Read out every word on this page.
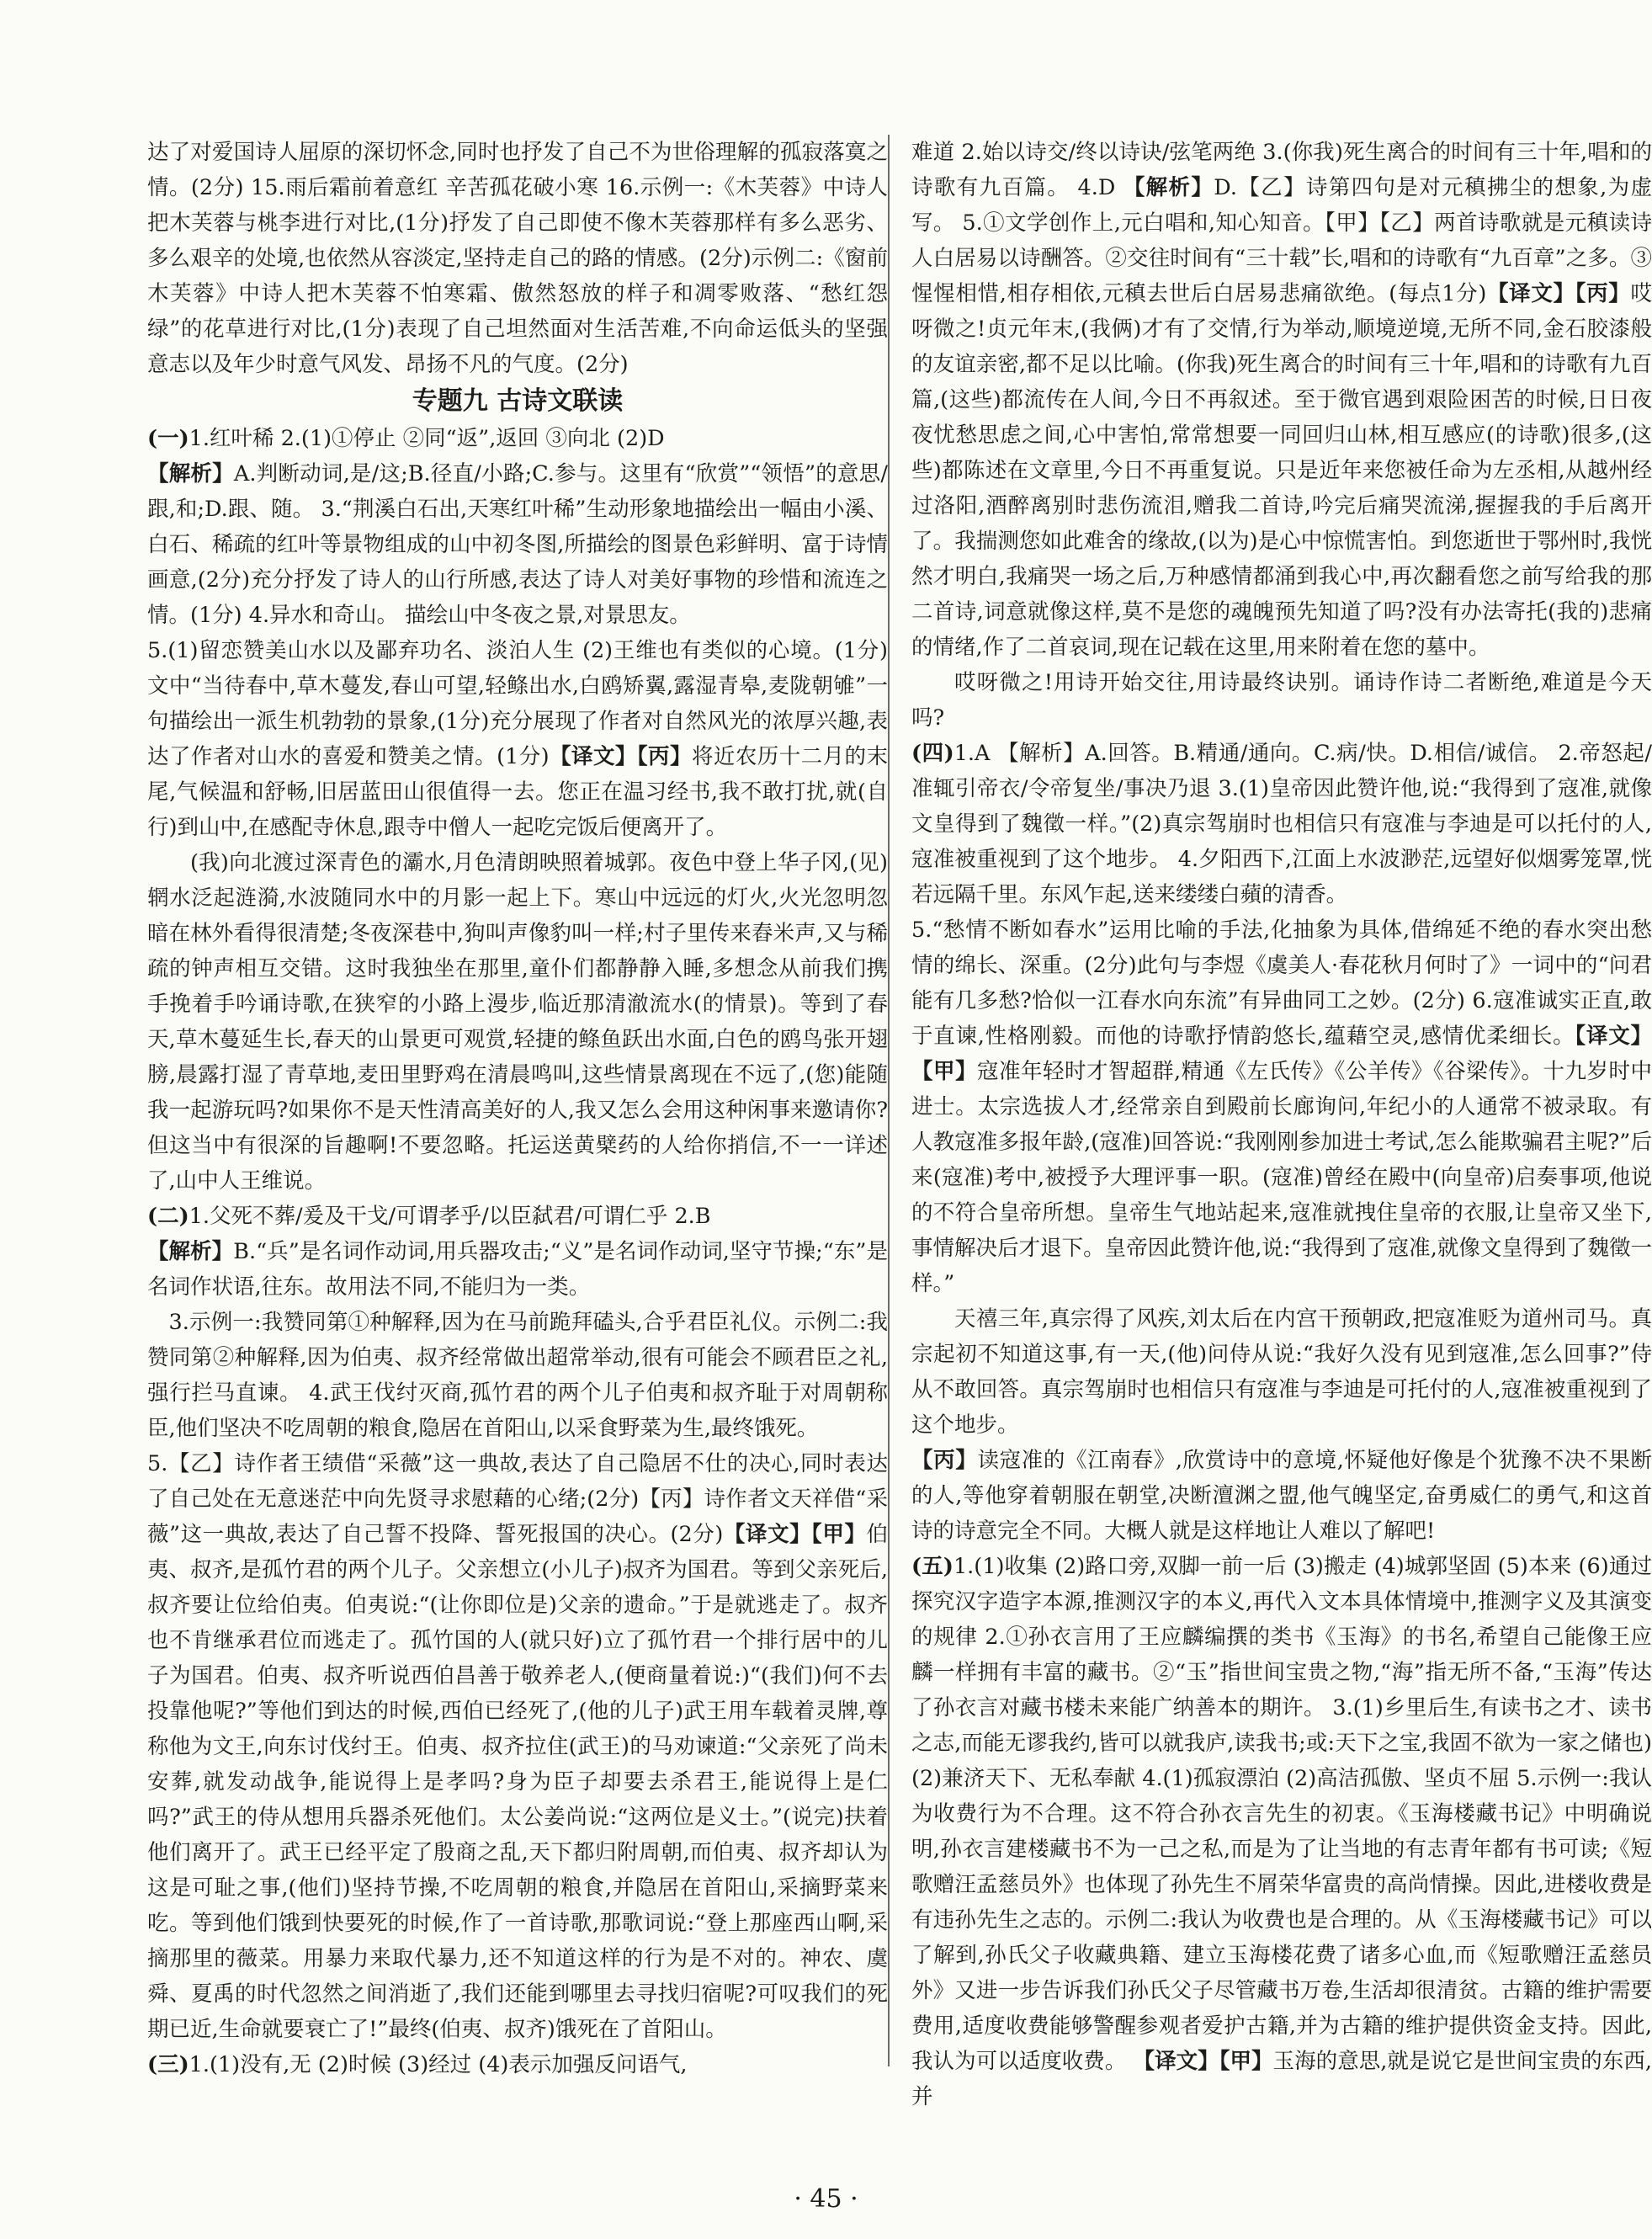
达了对爱国诗人屈原的深切怀念,同时也抒发了自己不为世俗理解的孤寂落寞之情。(2分) 15.雨后霜前着意红 辛苦孤花破小寒 16.示例一:《木芙蓉》中诗人把木芙蓉与桃李进行对比,(1分)抒发了自己即使不像木芙蓉那样有多么恶劣、多么艰辛的处境,也依然从容淡定,坚持走自己的路的情感。(2分)示例二:《窗前木芙蓉》中诗人把木芙蓉不怕寒霜、傲然怒放的样子和凋零败落、“愁红怨绿”的花草进行对比,(1分)表现了自己坦然面对生活苦难,不向命运低头的坚强意志以及年少时意气风发、昂扬不凡的气度。(2分)

专题九 古诗文联读

(一)1.红叶稀 2.(1)①停止 ②同“返”,返回 ③向北 (2)D

【解析】A.判断动词,是/这;B.径直/小路;C.参与。这里有“欣赏”“领悟”的意思/跟,和;D.跟、随。 3.“荆溪白石出,天寒红叶稀”生动形象地描绘出一幅由小溪、白石、稀疏的红叶等景物组成的山中初冬图,所描绘的图景色彩鲜明、富于诗情画意,(2分)充分抒发了诗人的山行所感,表达了诗人对美好事物的珍惜和流连之情。(1分) 4.异水和奇山。 描绘山中冬夜之景,对景思友。

5.(1)留恋赞美山水以及鄙弃功名、淡泊人生 (2)王维也有类似的心境。(1分)文中“当待春中,草木蔓发,春山可望,轻鲦出水,白鸥矫翼,露湿青皋,麦陇朝雊”一句描绘出一派生机勃勃的景象,(1分)充分展现了作者对自然风光的浓厚兴趣,表达了作者对山水的喜爱和赞美之情。(1分)【译文】【丙】将近农历十二月的末尾,气候温和舒畅,旧居蓝田山很值得一去。您正在温习经书,我不敢打扰,就(自行)到山中,在感配寺休息,跟寺中僧人一起吃完饭后便离开了。

(我)向北渡过深青色的灞水,月色清朗映照着城郭。夜色中登上华子冈,(见)辋水泛起涟漪,水波随同水中的月影一起上下。寒山中远远的灯火,火光忽明忽暗在林外看得很清楚;冬夜深巷中,狗叫声像豹叫一样;村子里传来舂米声,又与稀疏的钟声相互交错。这时我独坐在那里,童仆们都静静入睡,多想念从前我们携手挽着手吟诵诗歌,在狭窄的小路上漫步,临近那清澈流水(的情景)。等到了春天,草木蔓延生长,春天的山景更可观赏,轻捷的鲦鱼跃出水面,白色的鸥鸟张开翅膀,晨露打湿了青草地,麦田里野鸡在清晨鸣叫,这些情景离现在不远了,(您)能随我一起游玩吗?如果你不是天性清高美好的人,我又怎么会用这种闲事来邀请你?但这当中有很深的旨趣啊!不要忽略。托运送黄檗药的人给你捎信,不一一详述了,山中人王维说。

(二)1.父死不葬/爰及干戈/可谓孝乎/以臣弑君/可谓仁乎 2.B

【解析】B.“兵”是名词作动词,用兵器攻击;“义”是名词作动词,坚守节操;“东”是名词作状语,往东。故用法不同,不能归为一类。

3.示例一:我赞同第①种解释,因为在马前跪拜磕头,合乎君臣礼仪。示例二:我赞同第②种解释,因为伯夷、叔齐经常做出超常举动,很有可能会不顾君臣之礼,强行拦马直谏。 4.武王伐纣灭商,孤竹君的两个儿子伯夷和叔齐耻于对周朝称臣,他们坚决不吃周朝的粮食,隐居在首阳山,以采食野菜为生,最终饿死。

5.【乙】诗作者王绩借“采薇”这一典故,表达了自己隐居不仕的决心,同时表达了自己处在无意迷茫中向先贤寻求慰藉的心绪;(2分)【丙】诗作者文天祥借“采薇”这一典故,表达了自己誓不投降、誓死报国的决心。(2分)【译文】【甲】伯夷、叔齐,是孤竹君的两个儿子。父亲想立(小儿子)叔齐为国君。等到父亲死后,叔齐要让位给伯夷。伯夷说:“(让你即位是)父亲的遗命。”于是就逃走了。叔齐也不肯继承君位而逃走了。孤竹国的人(就只好)立了孤竹君一个排行居中的儿子为国君。伯夷、叔齐听说西伯昌善于敬养老人,(便商量着说:)“(我们)何不去投靠他呢?”等他们到达的时候,西伯已经死了,(他的儿子)武王用车载着灵牌,尊称他为文王,向东讨伐纣王。伯夷、叔齐拉住(武王)的马劝谏道:“父亲死了尚未安葬,就发动战争,能说得上是孝吗?身为臣子却要去杀君王,能说得上是仁吗?”武王的侍从想用兵器杀死他们。太公姜尚说:“这两位是义士。”(说完)扶着他们离开了。武王已经平定了殷商之乱,天下都归附周朝,而伯夷、叔齐却认为这是可耻之事,(他们)坚持节操,不吃周朝的粮食,并隐居在首阳山,采摘野菜来吃。等到他们饿到快要死的时候,作了一首诗歌,那歌词说:“登上那座西山啊,采摘那里的薇菜。用暴力来取代暴力,还不知道这样的行为是不对的。神农、虞舜、夏禹的时代忽然之间消逝了,我们还能到哪里去寻找归宿呢?可叹我们的死期已近,生命就要衰亡了!”最终(伯夷、叔齐)饿死在了首阳山。

(三)1.(1)没有,无 (2)时候 (3)经过 (4)表示加强反问语气,

难道 2.始以诗交/终以诗诀/弦笔两绝 3.(你我)死生离合的时间有三十年,唱和的诗歌有九百篇。 4.D 【解析】D.【乙】诗第四句是对元稹拂尘的想象,为虚写。 5.①文学创作上,元白唱和,知心知音。【甲】【乙】两首诗歌就是元稹读诗人白居易以诗酬答。②交往时间有“三十载”长,唱和的诗歌有“九百章”之多。③惺惺相惜,相存相依,元稹去世后白居易悲痛欲绝。(每点1分)【译文】【丙】哎呀微之!贞元年末,(我俩)才有了交情,行为举动,顺境逆境,无所不同,金石胶漆般的友谊亲密,都不足以比喻。(你我)死生离合的时间有三十年,唱和的诗歌有九百篇,(这些)都流传在人间,今日不再叙述。至于微官遇到艰险困苦的时候,日日夜夜忧愁思虑之间,心中害怕,常常想要一同回归山林,相互感应(的诗歌)很多,(这些)都陈述在文章里,今日不再重复说。只是近年来您被任命为左丞相,从越州经过洛阳,酒醉离别时悲伤流泪,赠我二首诗,吟完后痛哭流涕,握握我的手后离开了。我揣测您如此难舍的缘故,(以为)是心中惊慌害怕。到您逝世于鄂州时,我恍然才明白,我痛哭一场之后,万种感情都涌到我心中,再次翻看您之前写给我的那二首诗,词意就像这样,莫不是您的魂魄预先知道了吗?没有办法寄托(我的)悲痛的情绪,作了二首哀词,现在记载在这里,用来附着在您的墓中。

哎呀微之!用诗开始交往,用诗最终诀别。诵诗作诗二者断绝,难道是今天吗?

(四)1.A 【解析】A.回答。B.精通/通向。C.病/快。D.相信/诚信。 2.帝怒起/准辄引帝衣/令帝复坐/事决乃退 3.(1)皇帝因此赞许他,说:“我得到了寇准,就像文皇得到了魏徵一样。”(2)真宗驾崩时也相信只有寇准与李迪是可以托付的人,寇准被重视到了这个地步。 4.夕阳西下,江面上水波渺茫,远望好似烟雾笼罩,恍若远隔千里。东风乍起,送来缕缕白蘋的清香。

5.“愁情不断如春水”运用比喻的手法,化抽象为具体,借绵延不绝的春水突出愁情的绵长、深重。(2分)此句与李煜《虞美人·春花秋月何时了》一词中的“问君能有几多愁?恰似一江春水向东流”有异曲同工之妙。(2分) 6.寇准诚实正直,敢于直谏,性格刚毅。而他的诗歌抒情韵悠长,蕴藉空灵,感情优柔细长。【译文】【甲】寇准年轻时才智超群,精通《左氏传》《公羊传》《谷梁传》。十九岁时中进士。太宗选拔人才,经常亲自到殿前长廊询问,年纪小的人通常不被录取。有人教寇准多报年龄,(寇准)回答说:“我刚刚参加进士考试,怎么能欺骗君主呢?”后来(寇准)考中,被授予大理评事一职。(寇准)曾经在殿中(向皇帝)启奏事项,他说的不符合皇帝所想。皇帝生气地站起来,寇准就拽住皇帝的衣服,让皇帝又坐下,事情解决后才退下。皇帝因此赞许他,说:“我得到了寇准,就像文皇得到了魏徵一样。”

天禧三年,真宗得了风疾,刘太后在内宫干预朝政,把寇准贬为道州司马。真宗起初不知道这事,有一天,(他)问侍从说:“我好久没有见到寇准,怎么回事?”侍从不敢回答。真宗驾崩时也相信只有寇准与李迪是可托付的人,寇准被重视到了这个地步。

【丙】读寇准的《江南春》,欣赏诗中的意境,怀疑他好像是个犹豫不决不果断的人,等他穿着朝服在朝堂,决断澶渊之盟,他气魄坚定,奋勇威仁的勇气,和这首诗的诗意完全不同。大概人就是这样地让人难以了解吧!

(五)1.(1)收集 (2)路口旁,双脚一前一后 (3)搬走 (4)城郭坚固 (5)本来 (6)通过探究汉字造字本源,推测汉字的本义,再代入文本具体情境中,推测字义及其演变的规律 2.①孙衣言用了王应麟编撰的类书《玉海》的书名,希望自己能像王应麟一样拥有丰富的藏书。②“玉”指世间宝贵之物,“海”指无所不备,“玉海”传达了孙衣言对藏书楼未来能广纳善本的期许。 3.(1)乡里后生,有读书之才、读书之志,而能无谬我约,皆可以就我庐,读我书;或:天下之宝,我固不欲为一家之储也) (2)兼济天下、无私奉献 4.(1)孤寂漂泊 (2)高洁孤傲、坚贞不屈 5.示例一:我认为收费行为不合理。这不符合孙衣言先生的初衷。《玉海楼藏书记》中明确说明,孙衣言建楼藏书不为一己之私,而是为了让当地的有志青年都有书可读;《短歌赠汪孟慈员外》也体现了孙先生不屑荣华富贵的高尚情操。因此,进楼收费是有违孙先生之志的。示例二:我认为收费也是合理的。从《玉海楼藏书记》可以了解到,孙氏父子收藏典籍、建立玉海楼花费了诸多心血,而《短歌赠汪孟慈员外》又进一步告诉我们孙氏父子尽管藏书万卷,生活却很清贫。古籍的维护需要费用,适度收费能够警醒参观者爱护古籍,并为古籍的维护提供资金支持。因此,我认为可以适度收费。 【译文】【甲】玉海的意思,就是说它是世间宝贵的东西,并

· 45 ·
